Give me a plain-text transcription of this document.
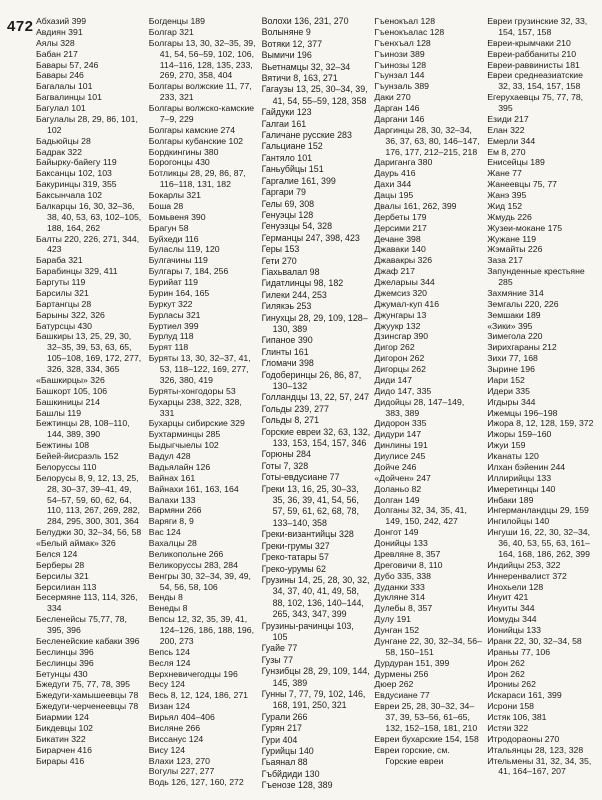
472 Абхазий 399

Авдиян 391

Аялы 328

Бабан 217

Бавары 57, 246

Бавары 246

Багалалы 101

Багвалинцы 101

Багулал 101

Багулалы 28, 29, 86, 101, 102

Бадьюйцы 28

Бадрак 322

Байырку-байегу 119

Баксанцы 102, 103

Бакуринцы 319, 355

Баксынчала 102

Балкарцы 16, 30, 32–36, 38, 40, 53, 63, 102–105, 188, 164, 262

Балты 220, 226, 271, 344, 423

Бараба 321

Барабинцы 329, 411

Баргуты 119

Барсилы 321

Бартангцы 28

Барыны 322, 326

Батурсцы 430

Башкиры 13, 25, 29, 30, 32–35, 39, 53, 63, 65, 105–108, 169, 172, 277, 326, 328, 334, 365

«Башкирцы» 326

Башкорт 105, 106

Башкиницы 214

Башлы 119

Бежтинцы 28, 108–110, 144, 389, 390

Бежтины 108

Бейей-йисраэль 152

Белоруссы 110

Белорусы 8, 9, 12, 13, 25, 28, 30–37, 39–41, 49, 54–57, 59, 60, 62, 64, 110, 113, 267, 269, 282, 284, 295, 300, 301, 364

Белуджи 30, 32–34, 56, 58

«Белый аймак» 326

Белся 124

Берберы 28

Берсилы 321

Берсилиан 113

Бесермяне 113, 114, 326, 334

Бесленейсы 75,77, 78, 395, 396

Бесленейские кабаки 396

Беслинцы 396

Беслинцы 396

Бетунцы 430

Бжедуги 75, 77, 78, 395

Бжедуги-хамышеевцы 78

Бжедуги-черченеевцы 78

Биармии 124

Бикдевцы 102

Бикатин 322

Бирарчен 416

Бирары 416

Богденцы 189

Болгар 321

Болгары 13, 30, 32–35, 39, 41, 54, 56–59, 102, 106, 114–116, 128, 135, 233, 269, 270, 358, 404

Болгары волжские 11, 77, 233, 321

Болгары волжско-камские 7–9, 229

Болгары камские 274

Болгары кубанские 102

Бордкингины 380

Борогонцы 430

Ботликцы 28, 29, 86, 87, 116–118, 131, 182

Бокарлы 321

Боша 28

Бомьвеня 390

Брагун 58

Буйхеди 116

Буласлы 119, 120

Булгачины 119

Булгары 7, 184, 256

Бурийат 119

Бурин 164, 165

Буркут 322

Бурласы 321

Буртиел 399

Бурлуд 118

Бурят 118

Буряты 13, 30, 32–37, 41, 53, 118–122, 169, 277, 326, 380, 419

Буряты-хонгодоры 53

Бухарцы 238, 322, 328, 331

Бухарцы сибирские 329

Бухтарминцы 285

Быдыгчыелы 102

Вадул 428

Вадьялайн 126

Вайнах 161

Вайнахи 161, 163, 164

Валахи 133

Вармяни 266

Варяги 8, 9

Вас 124

Вахалцы 28

Великопольне 266

Великоруссы 283, 284

Венгры 30, 32–34, 39, 49, 54, 56, 58, 106

Венды 8

Венеды 8

Вепсы 12, 32, 35, 39, 41, 124–126, 186, 188, 196, 200, 273

Вепсь 124

Весля 124

Верхневичегодцы 196

Весу 124

Весь 8, 12, 124, 186, 271

Визан 124

Вирьял 404–406

Висляне 266

Виссанус 124

Вису 124

Влахи 123, 270

Вогулы 227, 277

Водь 126, 127, 160, 272

Волохи 136, 231, 270

Волыняне 9

Вотяки 12, 377

Вымичи 196

Вьетнамцы 32, 32–34

Вятичи 8, 163, 271

Гагаузы 13, 25, 30–34, 39, 41, 54, 55–59, 128, 358

Гайдуки 123

Галгаи 161

Галичане русские 283

Гальциане 152

Гантяло 101

Ганьубйцы 151

Гаргалие 161, 399

Гаргари 79

Гелы 69, 308

Генуэцы 128

Генуэзцы 54, 328

Германцы 247, 398, 423

Геры 153

Гети 270

Гіахьвалал 98

Гидатлинцы 98, 182

Гилеки 244, 253

Гилякэь 253

Гинухцы 28, 29, 109, 128–130, 389

Гипаное 390

Глинты 161

Гломачи 398

Годоберинцы 26, 86, 87, 130–132

Голландцы 13, 22, 57, 247

Гольды 239, 277

Гольды 8, 271

Горские евреи 32, 63, 132, 133, 153, 154, 157, 346

Горюны 284

Готы 7, 328

Готы-евдусиане 77

Греки 13, 16, 25, 30–33, 35, 36, 39, 41, 54, 56, 57, 59, 61, 62, 68, 78, 133–140, 358

Греки-византийцы 328

Греки-грумы 327

Греко-татары 57

Греко-урумы 62

Грузины 14, 25, 28, 30, 32, 34, 37, 40, 41, 49, 58, 88, 102, 136, 140–144, 265, 343, 347, 399

Грузины-рачинцы 103, 105

Гуайе 77

Гузы 77

Гунзибцы 28, 29, 109, 144, 145, 389

Гунны 7, 77, 79, 102, 146, 168, 191, 250, 321

Гурали 266

Гурян 217

Гури 404

Гурийцы 140

Гьаянал 88

Гъбйдиди 130

Гъенозе 128, 389

Гъенокъал 128

Гъенокъалас 128

Гъенхъал 128

Гъинози 389

Гъинозы 128

Гъунзал 144

Гъунзаль 389

Даки 270

Дарган 146

Даргани 146

Даргинцы 28, 30, 32–34, 36, 37, 63, 80, 146–147, 176, 177, 212–215, 218

Даригангa 380

Даурь 416

Дахи 344

Дацы 195

Двалы 161, 262, 399

Дербеты 179

Дерсими 217

Дечане 398

Джаваки 140

Джавакры 326

Джаф 217

Джеларыы 344

Джемсиз 320

Джумал-куп 416

Джунгары 13

Джуукр 132

Дзинсгар 390

Дигор 262

Дигорон 262

Дигорцы 262

Диди 147

Дидо 147, 335

Дидойцы 28, 147–149, 383, 389

Дидорон 335

Дидури 147

Динлины 191

Диулисе 245

Дойче 246

«Дойчен» 247

Доланьо 82

Долган 149

Долганы 32, 34, 35, 41, 149, 150, 242, 427

Донгот 149

Донийцы 133

Древляне 8, 357

Дреговичи 8, 110

Дубо 335, 338

Дуданки 333

Дукляне 314

Дулебы 8, 357

Дулу 191

Дунган 152

Дунгане 22, 30, 32–34, 56–58, 150–151

Дурдуран 151, 399

Дурмены 256

Дюер 262

Евдусиане 77

Евреи 25, 28, 30–32, 34–37, 39, 53–56, 61–65, 132, 152–158, 181, 210

Евреи бухарские 154, 158

Евреи горские, см. Горские евреи

Евреи грузинские 32, 33, 154, 157, 158

Евреи-крымчаки 210

Евреи-раббаниты 210

Евреи-раввинисты 181

Евреи среднеазиатские 32, 33, 154, 157, 158

Егерухаевцы 75, 77, 78, 395

Езиди 217

Елан 322

Емерли 344

Ем 8, 270

Енисейцы 189

Жане 77

Жанеевцы 75, 77

Жанэ 395

Жид 152

Жмудь 226

Жузеи-мокане 175

Жужане 119

Жэмайты 226

Заза 217

Запунденные крестьяне 285

Захмяние 314

Земгалы 220, 226

Земшаки 189

«Зики» 395

Зимегола 220

Зирихгараны 212

Зихи 77, 168

Зырине 196

Иари 152

Идери 335

Игдыры 344

Ижемцы 196–198

Ижора 8, 12, 128, 159, 372

Ижоры 159–160

Ижуи 159

Иканаты 120

Илхан бэйенин 244

Иллирийцы 133

Имеретинцы 140

Инбаки 189

Ингерманландцы 29, 159

Ингилойцы 140

Ингуши 16, 22, 30, 32–34, 36, 40, 53, 55, 63, 161–164, 168, 186, 262, 399

Индийцы 253, 322

Иннеренвалист 372

Инохьели 128

Инуит 421

Инуиты 344

Иомуды 344

Ионийцы 133

Иранк 22, 30, 32–34, 58

Ираньы 77, 106

Ирон 262

Ирон 262

Ирониы 262

Искараси 161, 399

Исрони 158

Истяк 106, 381

Истяи 322

Итродораоны 270

Итальянцы 28, 123, 328

Ительмены 31, 32, 34, 35, 41, 164–167, 207
